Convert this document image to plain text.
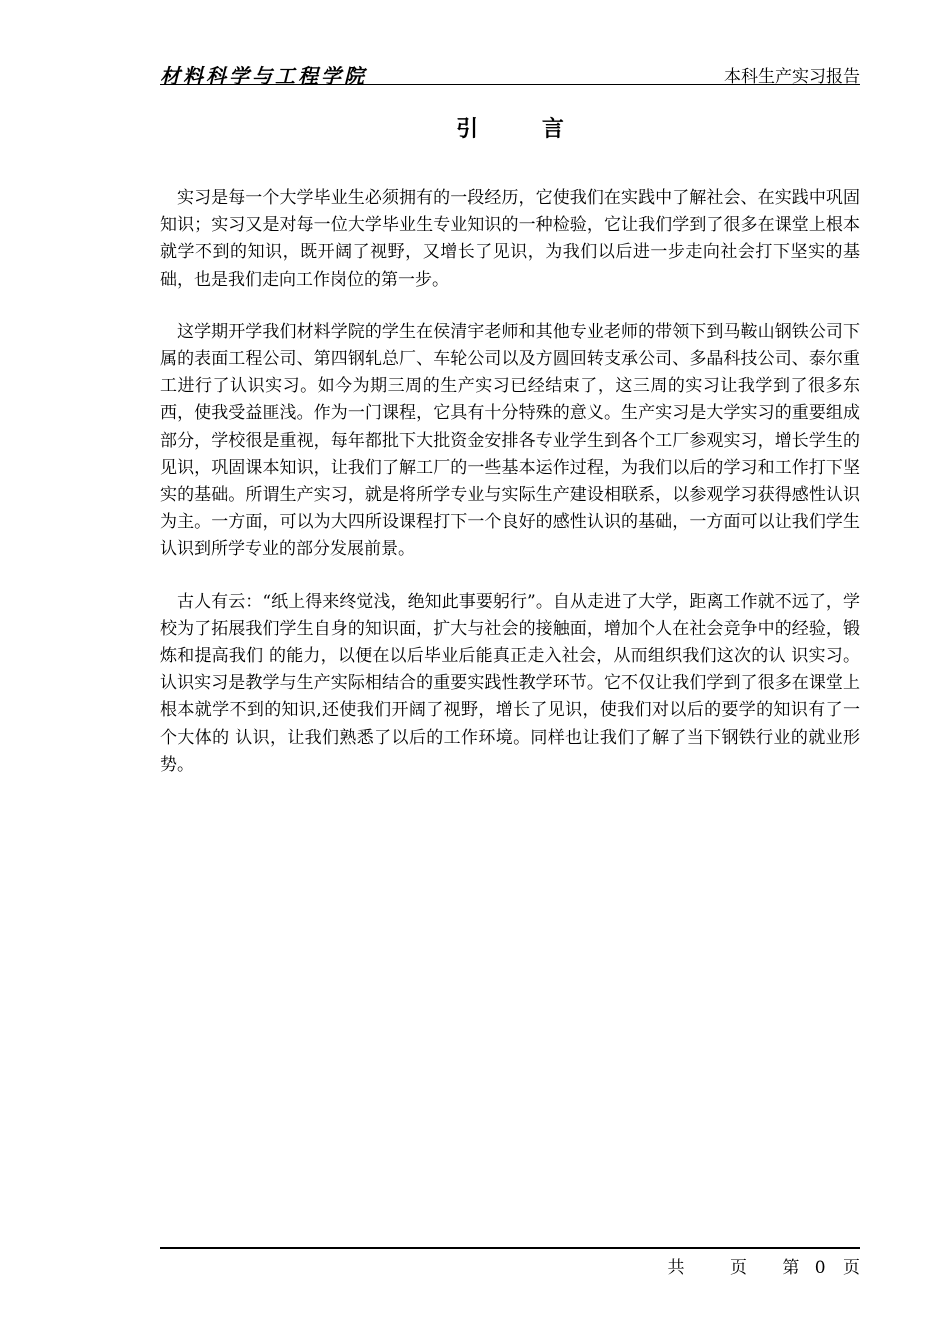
材料科学与工程学院	本科生产实习报告
引 言

实习是每一个大学毕业生必须拥有的一段经历，它使我们在实践中了解社会、在实践中巩固知识；实习又是对每一位大学毕业生专业知识的一种检验，它让我们学到了很多在课堂上根本就学不到的知识，既开阔了视野，又增长了见识，为我们以后进一步走向社会打下坚实的基础，也是我们走向工作岗位的第一步。

这学期开学我们材料学院的学生在侯清宇老师和其他专业老师的带领下到马鞍山钢铁公司下属的表面工程公司、第四钢轧总厂、车轮公司以及方圆回转支承公司、多晶科技公司、泰尔重工进行了认识实习。如今为期三周的生产实习已经结束了，这三周的实习让我学到了很多东西，使我受益匪浅。作为一门课程，它具有十分特殊的意义。生产实习是大学实习的重要组成部分，学校很是重视，每年都批下大批资金安排各专业学生到各个工厂参观实习，增长学生的见识，巩固课本知识，让我们了解工厂的一些基本运作过程，为我们以后的学习和工作打下坚实的基础。所谓生产实习，就是将所学专业与实际生产建设相联系，以参观学习获得感性认识为主。一方面，可以为大四所设课程打下一个良好的感性认识的基础，一方面可以让我们学生认识到所学专业的部分发展前景。

古人有云：“纸上得来终觉浅，绝知此事要躬行”。自从走进了大学，距离工作就不远了，学校为了拓展我们学生自身的知识面，扩大与社会的接触面，增加个人在社会竞争中的经验，锻炼和提高我们 的能力，以便在以后毕业后能真正走入社会，从而组织我们这次的认 识实习。认识实习是教学与生产实际相结合的重要实践性教学环节。它不仅让我们学到了很多在课堂上根本就学不到的知识,还使我们开阔了视野，增长了见识，使我们对以后的要学的知识有了一个大体的 认识，让我们熟悉了以后的工作环境。同样也让我们了解了当下钢铁行业的就业形势。

共	页 第 0 页
